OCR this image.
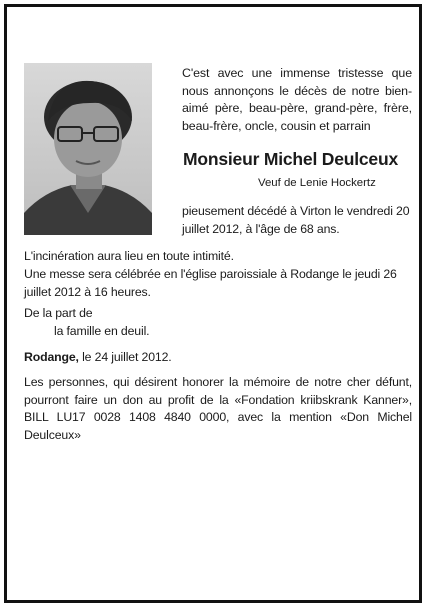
C'est avec une immense tristesse que nous annonçons le décès de notre bien-aimé père, beau-père, grand-père, frère, beau-frère, oncle, cousin et parrain
Monsieur Michel Deulceux
Veuf de Lenie Hockertz
pieusement décédé à Virton le vendredi 20 juillet 2012, à l'âge de 68 ans.
L'incinération aura lieu en toute intimité.
Une messe sera célébrée en l'église paroissiale à Rodange le jeudi 26 juillet 2012 à 16 heures.
De la part de
la famille en deuil.
Rodange, le 24 juillet 2012.
Les personnes, qui désirent honorer la mémoire de notre cher défunt, pourront faire un don au profit de la «Fondation kriibskrank Kanner», BILL LU17 0028 1408 4840 0000, avec la mention «Don Michel Deulceux»
